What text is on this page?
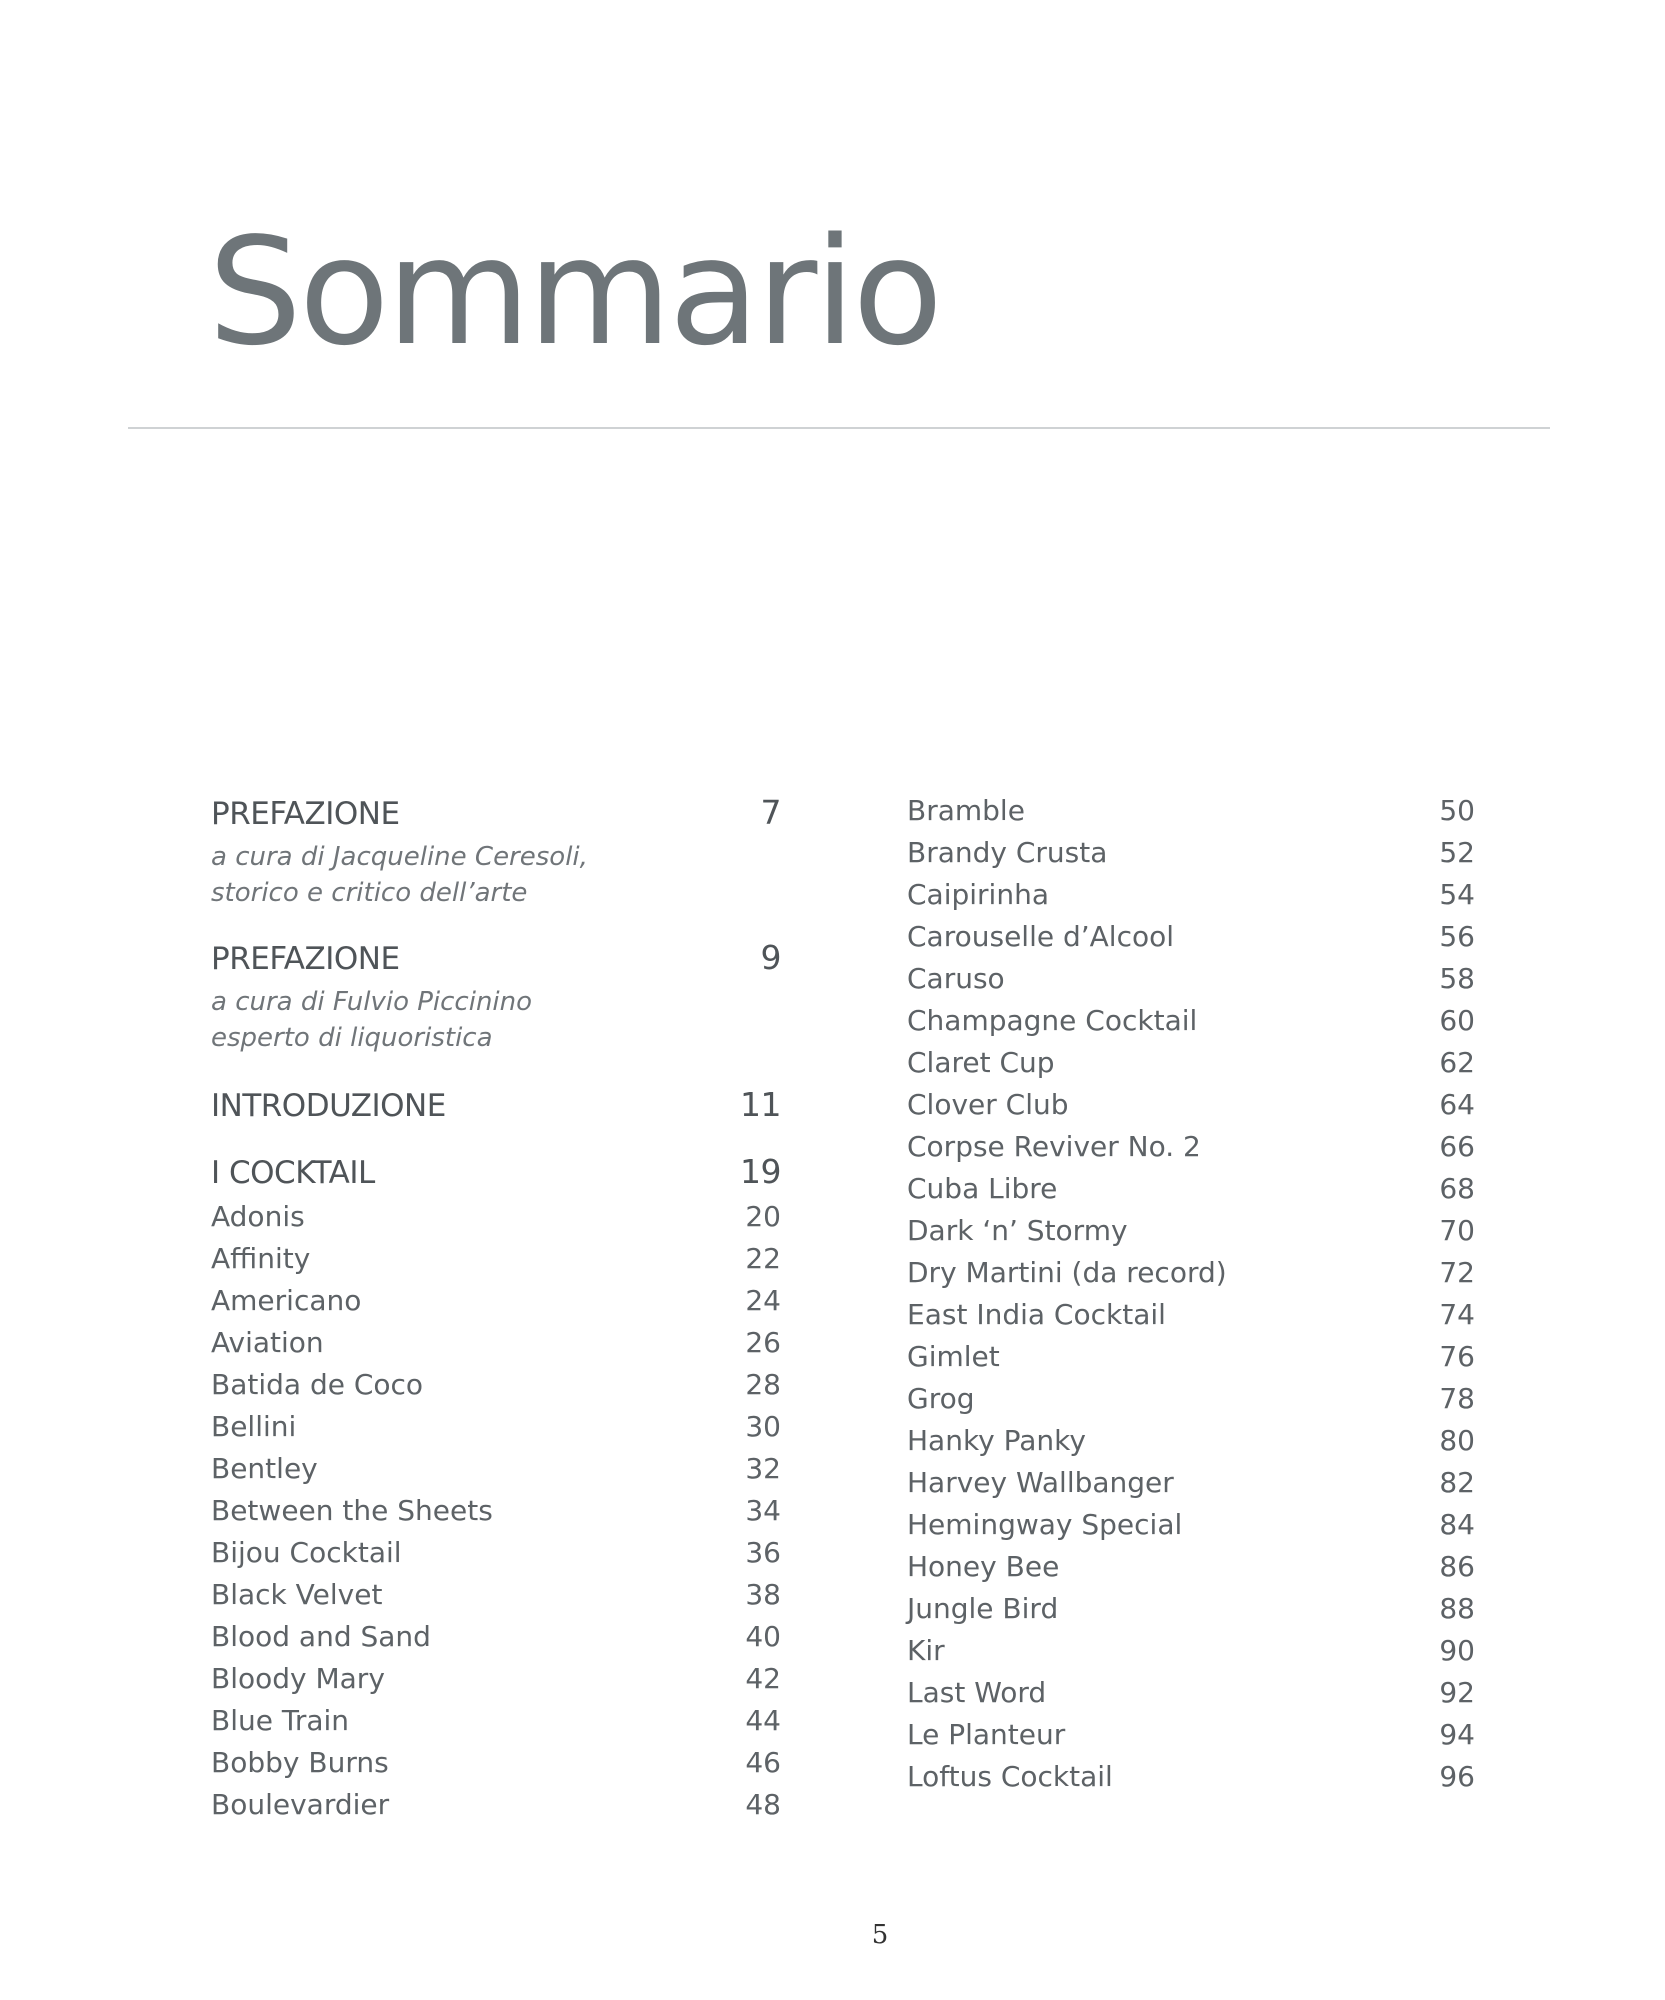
Sommario
PREFAZIONE	7
a cura di Jacqueline Ceresoli,
storico e critico dell’arte
PREFAZIONE	9
a cura di Fulvio Piccinino
esperto di liquoristica
INTRODUZIONE	11
I COCKTAIL	19
Adonis	20
Affinity	22
Americano	24
Aviation	26
Batida de Coco	28
Bellini	30
Bentley	32
Between the Sheets	34
Bijou Cocktail	36
Black Velvet	38
Blood and Sand	40
Bloody Mary	42
Blue Train	44
Bobby Burns	46
Boulevardier	48
Bramble	50
Brandy Crusta	52
Caipirinha	54
Carouselle d’Alcool	56
Caruso	58
Champagne Cocktail	60
Claret Cup	62
Clover Club	64
Corpse Reviver No. 2	66
Cuba Libre	68
Dark ‘n’ Stormy	70
Dry Martini (da record)	72
East India Cocktail	74
Gimlet	76
Grog	78
Hanky Panky	80
Harvey Wallbanger	82
Hemingway Special	84
Honey Bee	86
Jungle Bird	88
Kir	90
Last Word	92
Le Planteur	94
Loftus Cocktail	96
5
